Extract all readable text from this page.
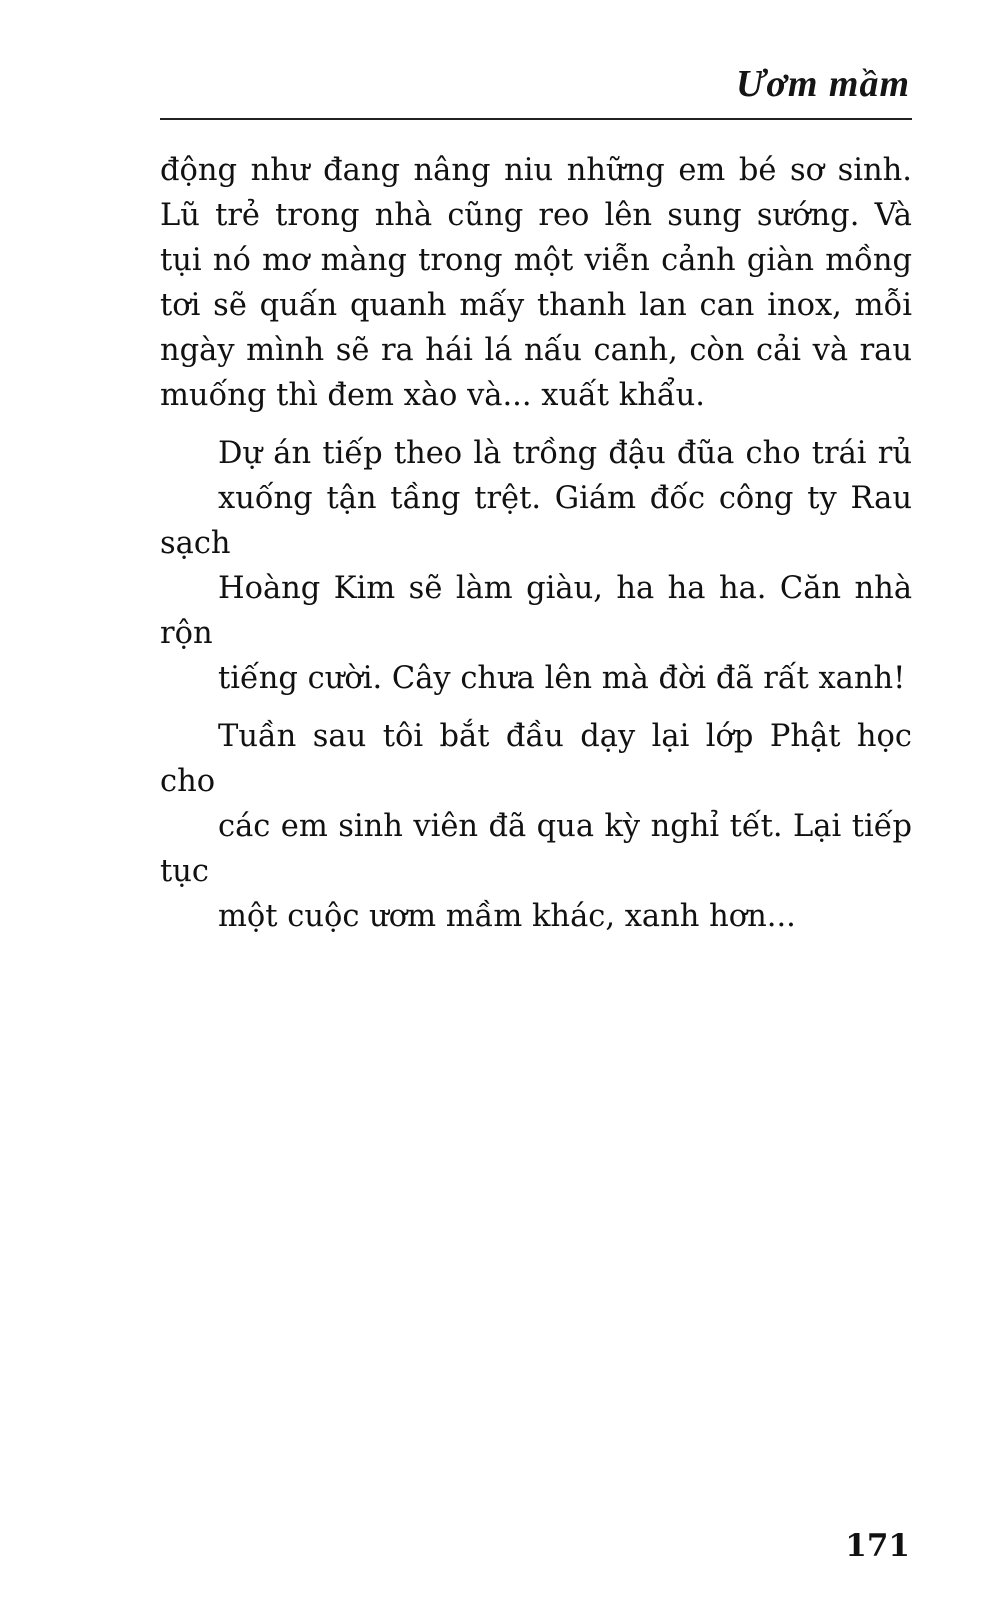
Ươm mầm

động như đang nâng niu những em bé sơ sinh.
Lũ trẻ trong nhà cũng reo lên sung sướng. Và
tụi nó mơ màng trong một viễn cảnh giàn mồng
tơi sẽ quấn quanh mấy thanh lan can inox, mỗi
ngày mình sẽ ra hái lá nấu canh, còn cải và rau
muống thì đem xào và... xuất khẩu.

Dự án tiếp theo là trồng đậu đũa cho trái rủ
xuống tận tầng trệt. Giám đốc công ty Rau sạch
Hoàng Kim sẽ làm giàu, ha ha ha. Căn nhà rộn
tiếng cười. Cây chưa lên mà đời đã rất xanh!

Tuần sau tôi bắt đầu dạy lại lớp Phật học cho
các em sinh viên đã qua kỳ nghỉ tết. Lại tiếp tục
một cuộc ươm mầm khác, xanh hơn...

171
